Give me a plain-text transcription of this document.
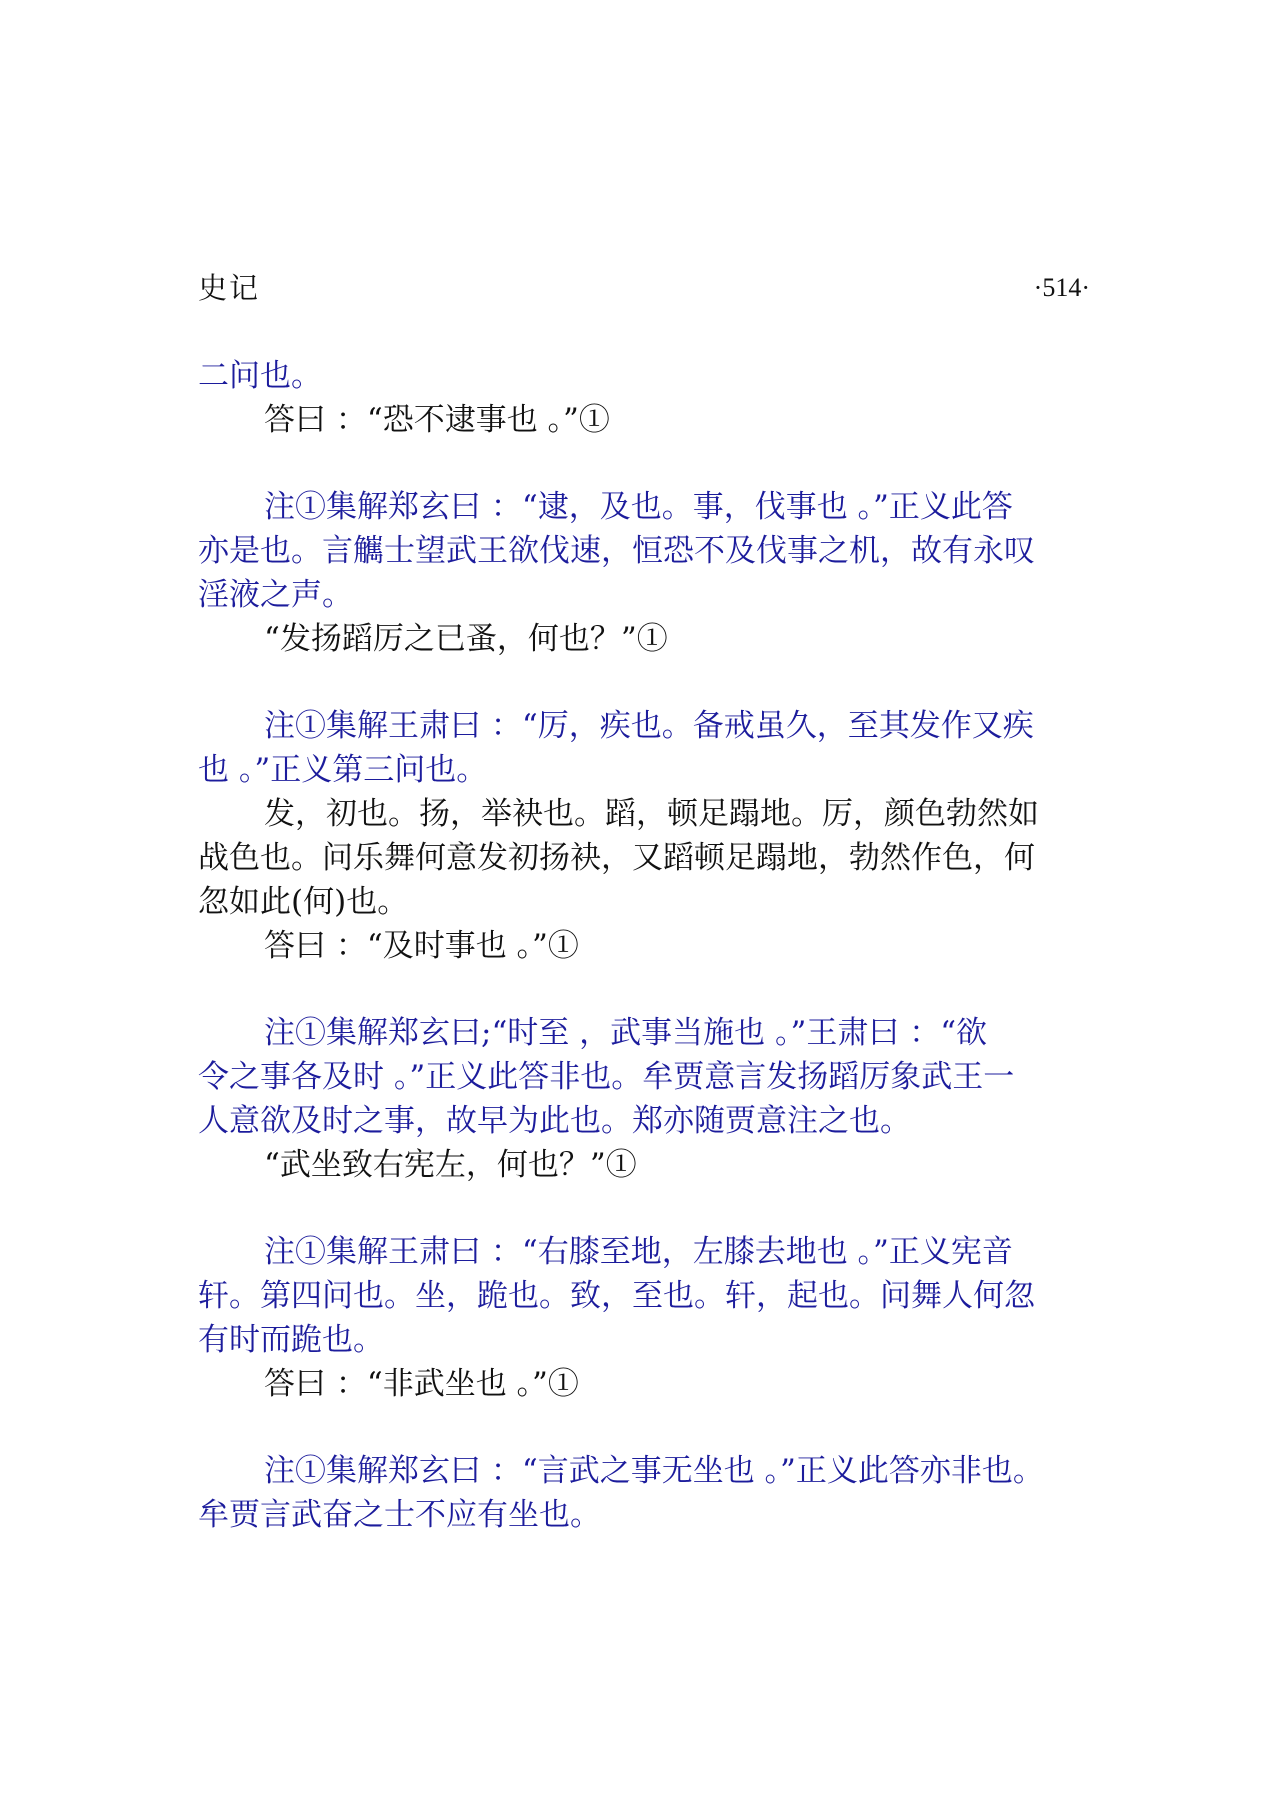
史记	·514·
二问也。
答曰 ：“恐不逮事也 。”①
注①集解郑玄曰 ：“逮，及也。事，伐事也 。”正义此答
亦是也。言觽士望武王欲伐速，恒恐不及伐事之机，故有永叹
淫液之声。
“发扬蹈厉之已蚤，何也？”①
注①集解王肃曰 ：“厉，疾也。备戒虽久，至其发作又疾
也 。”正义第三问也。
发，初也。扬，举袂也。蹈，顿足蹋地。厉，颜色勃然如
战色也。问乐舞何意发初扬袂，又蹈顿足蹋地，勃然作色，何
忽如此(何)也。
答曰 ：“及时事也 。”①
注①集解郑玄曰;“时至 ，武事当施也 。”王肃曰 ：“欲
令之事各及时 。”正义此答非也。牟贾意言发扬蹈厉象武王一
人意欲及时之事，故早为此也。郑亦随贾意注之也。
“武坐致右宪左，何也？”①
注①集解王肃曰 ：“右膝至地，左膝去地也 。”正义宪音
轩。第四问也。坐，跪也。致，至也。轩，起也。问舞人何忽
有时而跪也。
答曰 ：“非武坐也 。”①
注①集解郑玄曰 ：“言武之事无坐也 。”正义此答亦非也。
牟贾言武奋之士不应有坐也。
